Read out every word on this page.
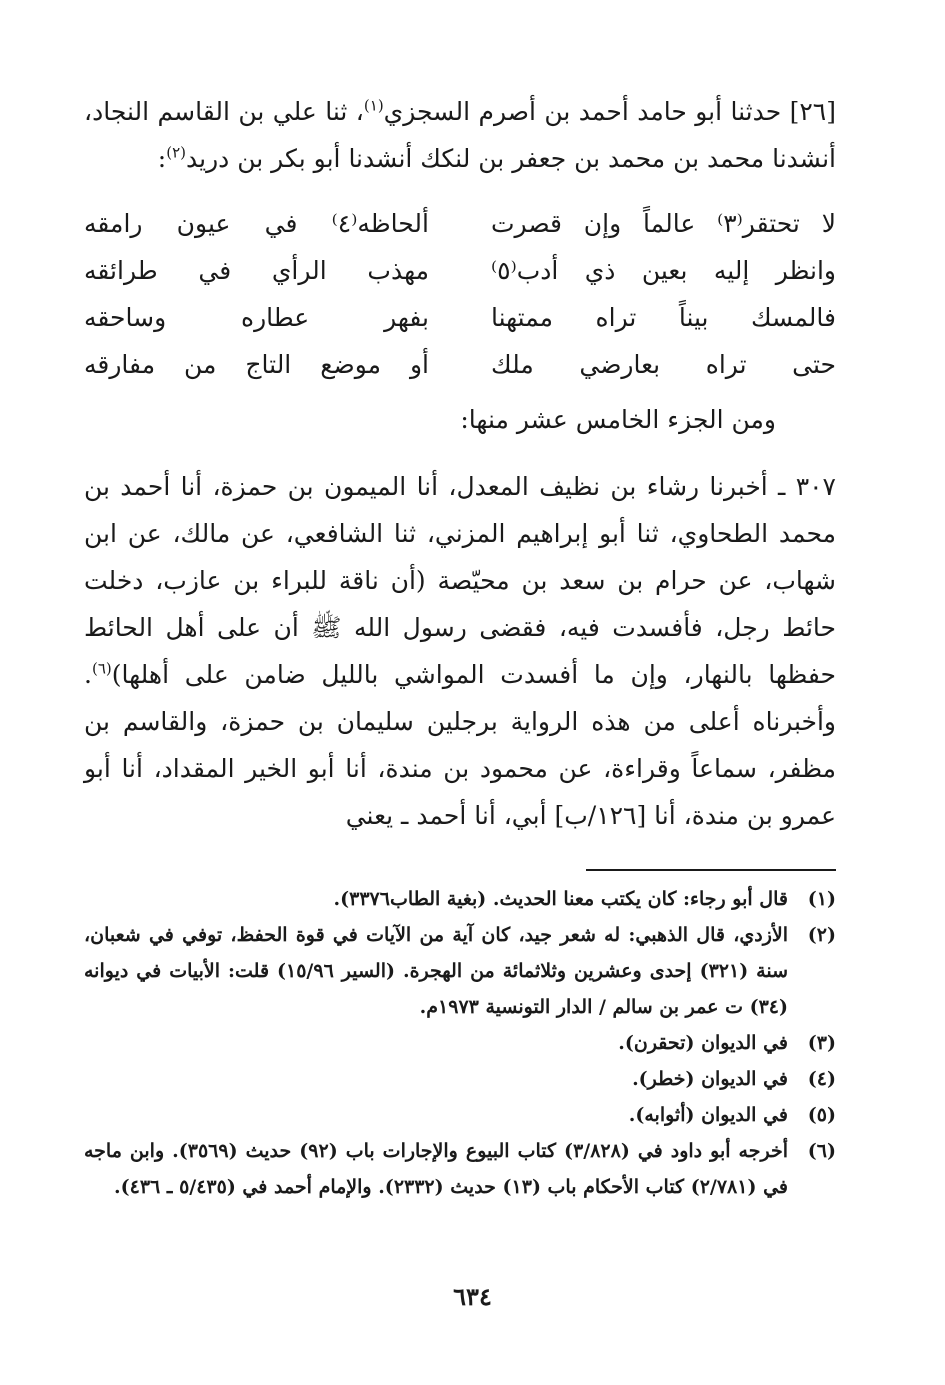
[٢٦] حدثنا أبو حامد أحمد بن أصرم السجزي$^{(١)}$، ثنا علي بن القاسم النجاد، أنشدنا محمد بن محمد بن جعفر بن لنكك أنشدنا أبو بكر بن دريد$^{(٢)}$:

لا تحتقر⁽٣⁾ عالماً وإن قصرت
ألحاظه⁽٤⁾ في عيون رامقه
وانظر إليه بعين ذي أدب⁽٥⁾
مهذب الرأي في طرائقه
فالمسك بيناً تراه ممتهنا
بفهر عطاره وساحقه
حتى تراه بعارضي ملك
أو موضع التاج من مفارقه

ومن الجزء الخامس عشر منها:

٣٠٧ ـ أخبرنا رشاء بن نظيف المعدل، أنا الميمون بن حمزة، أنا أحمد بن محمد الطحاوي، ثنا أبو إبراهيم المزني، ثنا الشافعي، عن مالك، عن ابن شهاب، عن حرام بن سعد بن محيّصة (أن ناقة للبراء بن عازب، دخلت حائط رجل، فأفسدت فيه، فقضى رسول الله ﷺ أن على أهل الحائط حفظها بالنهار، وإن ما أفسدت المواشي بالليل ضامن على أهلها)$^{(٦)}$. وأخبرناه أعلى من هذه الرواية برجلين سليمان بن حمزة، والقاسم بن مظفر، سماعاً وقراءة، عن محمود بن مندة، أنا أبو الخير المقداد، أنا أبو عمرو بن مندة، أنا [١٢٦/ب] أبي، أنا أحمد ـ يعني

(١)
قال أبو رجاء: كان يكتب معنا الحديث. (بغية الطاب٣٣٧٦).
(٢)
الأزدي، قال الذهبي: له شعر جيد، كان آية من الآيات في قوة الحفظ، توفي في شعبان، سنة (٣٢١) إحدى وعشرين وثلاثمائة من الهجرة. (السير ١٥/٩٦) قلت: الأبيات في ديوانه (٣٤) ت عمر بن سالم / الدار التونسية ١٩٧٣م.
(٣)
في الديوان (تحقرن).
(٤)
في الديوان (خطر).
(٥)
في الديوان (أثوابه).
(٦)
أخرجه أبو داود في (٣/٨٢٨) كتاب البيوع والإجارات باب (٩٢) حديث (٣٥٦٩). وابن ماجه في (٢/٧٨١) كتاب الأحكام باب (١٣) حديث (٢٣٣٢). والإمام أحمد في (٥/٤٣٥ ـ ٤٣٦).
٦٣٤
